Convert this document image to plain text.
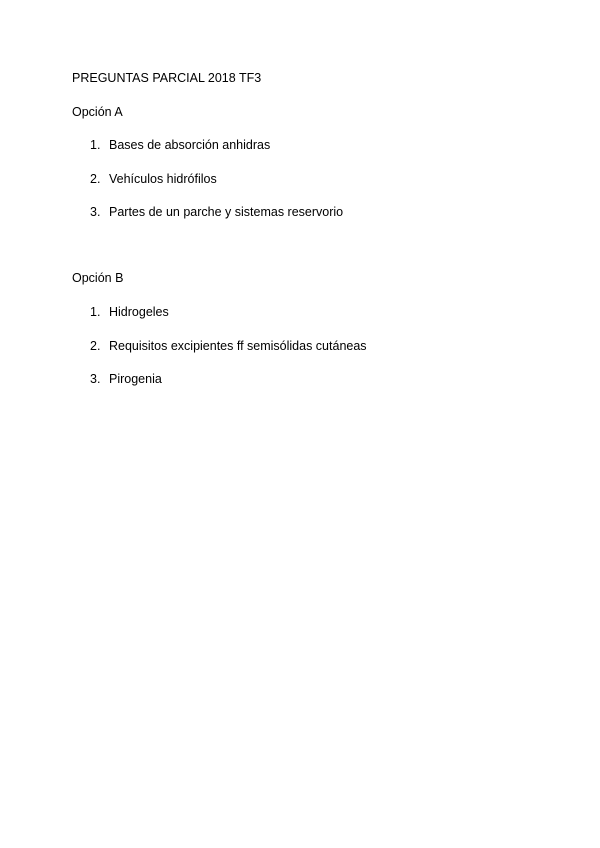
PREGUNTAS PARCIAL 2018 TF3
Opción A
1. Bases de absorción anhidras
2. Vehículos hidrófilos
3. Partes de un parche y sistemas reservorio
Opción B
1. Hidrogeles
2. Requisitos excipientes ff semisólidas cutáneas
3. Pirogenia
